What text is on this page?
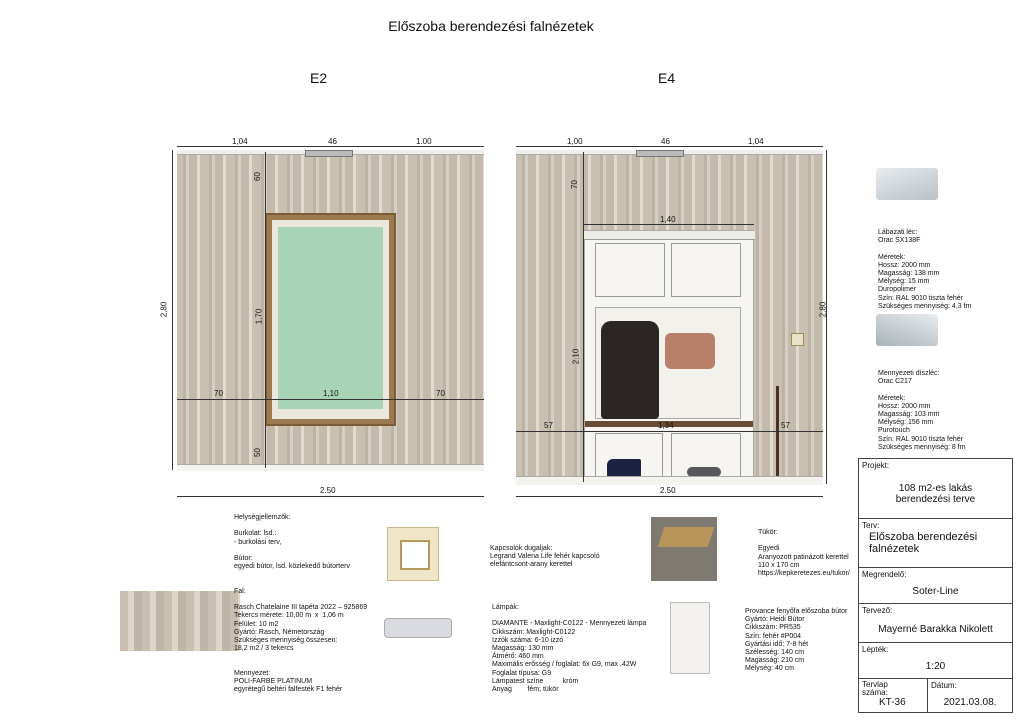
Előszoba berendezési falnézetek
E2	E4
1,04	46	1.00
2,80
60
1,70
50
70	1,10	70
2.50
1,00	46	1,04
70
1,40
2,80
2,10
57	1,34	57
2.50
Helységjellemzők:

Burkolat: lsd.:
- burkolási terv,

Bútor:
egyedi bútor, lsd. közlekedő bútorterv

Fal:

Rasch Chatelaine III tapéta 2022 – 925869
Tekercs mérete: 10,00 m  x  1,06 m
Felület: 10 m2
Gyártó: Rasch, Németország
Szükséges mennyiség összesen:
18,2 m2 / 3 tekercs

Mennyezet:
POLI-FARBE PLATINUM
egyrétegű beltéri falfesték F1 fehér
Kapcsolók dugaljak:
Legrand Valena Life fehér kapcsoló
elefántcsont-arany kerettel
Lámpák:

DIAMANTE - Maxlight-C0122 - Mennyezeti lámpa
Cikkszám: Maxlight-C0122
Izzók száma: 6-10 izzó
Magasság: 130 mm
Átmérő: 460 mm
Maximális erősség / foglalat: 6x G9, max .42W
Foglalat típusa: G9
Lámpatest színe          króm
Anyag        fém; tükör
Tükör:

Egyedi
Aranyozott patinázott kerettel
110 x 170 cm
https://kepkeretezes.eu/tukor/
Provance fenyőfa előszoba bútor
Gyártó: Heidi Bútor
Cikkszám: PR535
Szín: fehér #P004
Gyártási idő: 7-8 hét
Szélesség: 140 cm
Magasság: 210 cm
Mélység: 40 cm
Lábazati léc:
Orac SX138F

Méretek:
Hossz: 2000 mm
Magasság: 138 mm
Mélység: 15 mm
Duropolimer
Szín: RAL 9010 tiszta fehér
Szükséges mennyiség: 4,3 fm
Mennyezeti díszléc:
Orac C217

Méretek:
Hossz: 2000 mm
Magasság: 103 mm
Mélység: 156 mm
Purotouch
Szín: RAL 9010 tiszta fehér
Szükséges mennyiség: 8 fm
Projekt:
108 m2-es lakás
berendezési terve
Terv:
Előszoba berendezési
falnézetek
Megrendelő:
Soter-Line
Tervező:
Mayerné Barakka Nikolett
Lépték:
1:20
Tervlap
száma:
KT-36
Dátum:
2021.03.08.
